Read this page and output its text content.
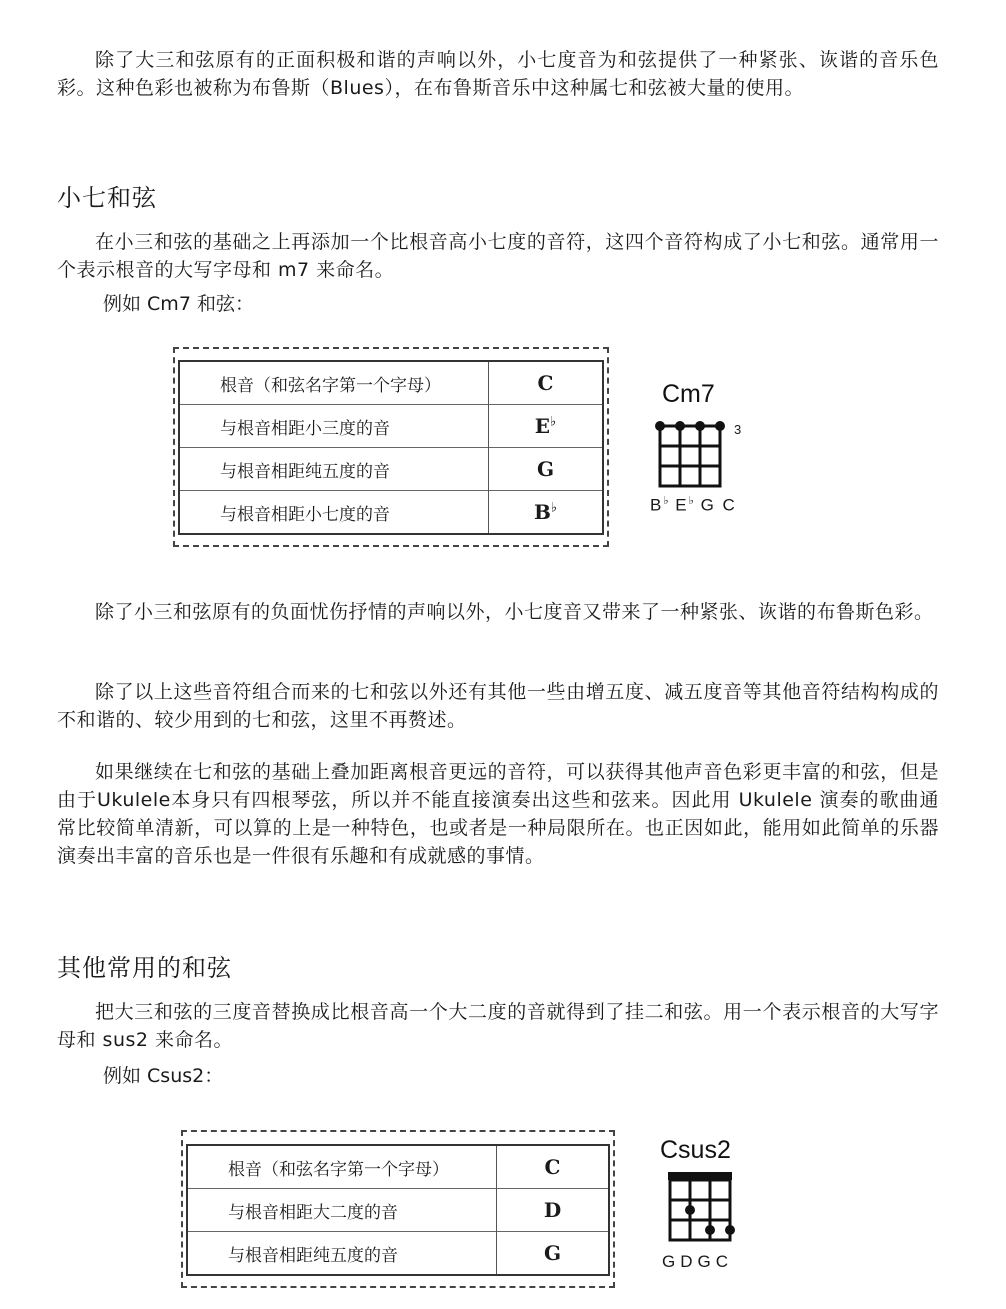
除了大三和弦原有的正面积极和谐的声响以外，小七度音为和弦提供了一种紧张、诙谐的音乐色彩。这种色彩也被称为布鲁斯（Blues），在布鲁斯音乐中这种属七和弦被大量的使用。

小七和弦

在小三和弦的基础之上再添加一个比根音高小七度的音符，这四个音符构成了小七和弦。通常用一个表示根音的大写字母和 m7 来命名。

例如 Cm7 和弦：

根音（和弦名字第一个字母）	C
与根音相距小三度的音	E♭
与根音相距纯五度的音	G
与根音相距小七度的音	B♭
Cm7
3
B♭ E♭ G C

除了小三和弦原有的负面忧伤抒情的声响以外，小七度音又带来了一种紧张、诙谐的布鲁斯色彩。

除了以上这些音符组合而来的七和弦以外还有其他一些由增五度、减五度音等其他音符结构构成的不和谐的、较少用到的七和弦，这里不再赘述。

如果继续在七和弦的基础上叠加距离根音更远的音符，可以获得其他声音色彩更丰富的和弦，但是由于Ukulele本身只有四根琴弦，所以并不能直接演奏出这些和弦来。因此用 Ukulele 演奏的歌曲通常比较简单清新，可以算的上是一种特色，也或者是一种局限所在。也正因如此，能用如此简单的乐器演奏出丰富的音乐也是一件很有乐趣和有成就感的事情。

其他常用的和弦

把大三和弦的三度音替换成比根音高一个大二度的音就得到了挂二和弦。用一个表示根音的大写字母和 sus2 来命名。

例如 Csus2：

根音（和弦名字第一个字母）	C
与根音相距大二度的音	D
与根音相距纯五度的音	G
Csus2
GDGC
